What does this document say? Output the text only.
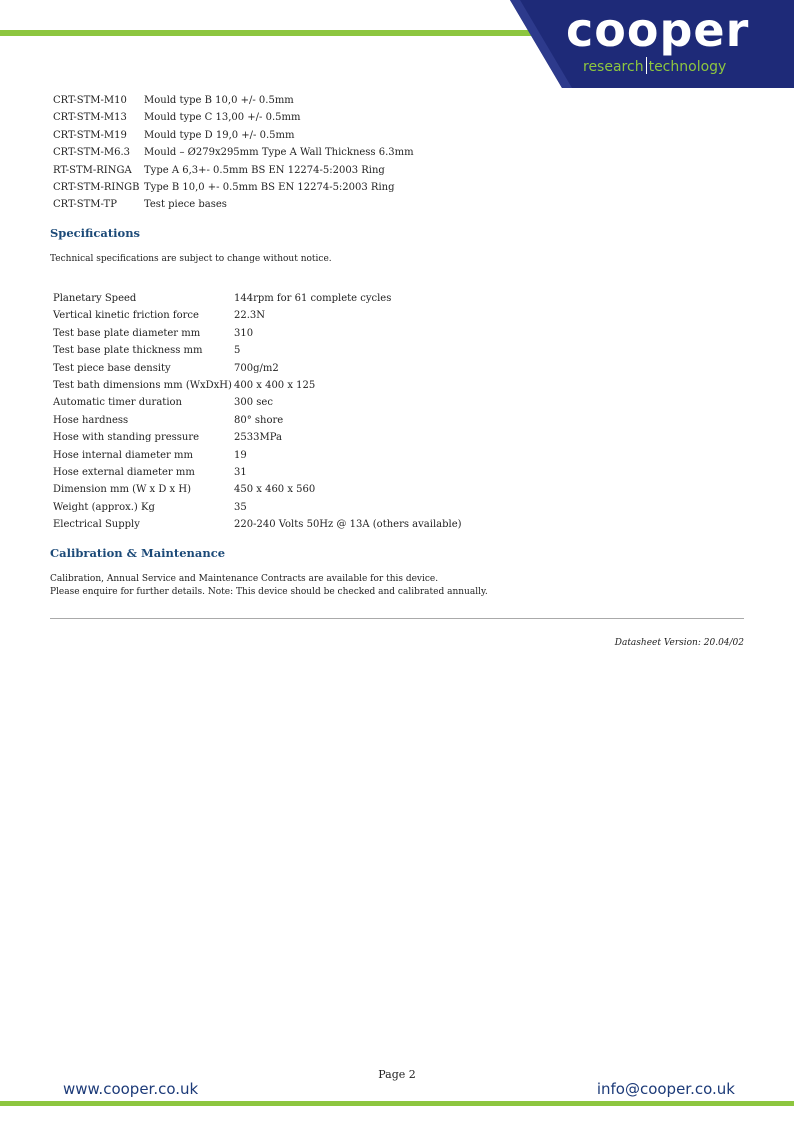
cooper
research technology
CRT-STM-M10 Mould type B 10,0 +/- 0.5mm
CRT-STM-M13 Mould type C 13,00 +/- 0.5mm
CRT-STM-M19 Mould type D 19,0 +/- 0.5mm
CRT-STM-M6.3 Mould – Ø279x295mm Type A Wall Thickness 6.3mm
RT-STM-RINGA Type A 6,3+- 0.5mm BS EN 12274-5:2003 Ring
CRT-STM-RINGB Type B 10,0 +- 0.5mm BS EN 12274-5:2003 Ring
CRT-STM-TP	Test piece bases
Specifications
Technical specifications are subject to change without notice.
Planetary Speed	144rpm for 61 complete cycles
Vertical kinetic friction force	22.3N
Test base plate diameter mm	310
Test base plate thickness mm	5
Test piece base density	700g/m2
Test bath dimensions mm (WxDxH) 400 x 400 x 125
Automatic timer duration	300 sec
Hose hardness	80° shore
Hose with standing pressure	2533MPa
Hose internal diameter mm	19
Hose external diameter mm	31
Dimension mm (W x D x H)	450 x 460 x 560
Weight (approx.) Kg	35
Electrical Supply	220-240 Volts 50Hz @ 13A (others available)
Calibration & Maintenance
Calibration, Annual Service and Maintenance Contracts are available for this device.
Please enquire for further details. Note: This device should be checked and calibrated annually.
Datasheet Version: 20.04/02
Page 2
www.cooper.co.uk	info@cooper.co.uk
